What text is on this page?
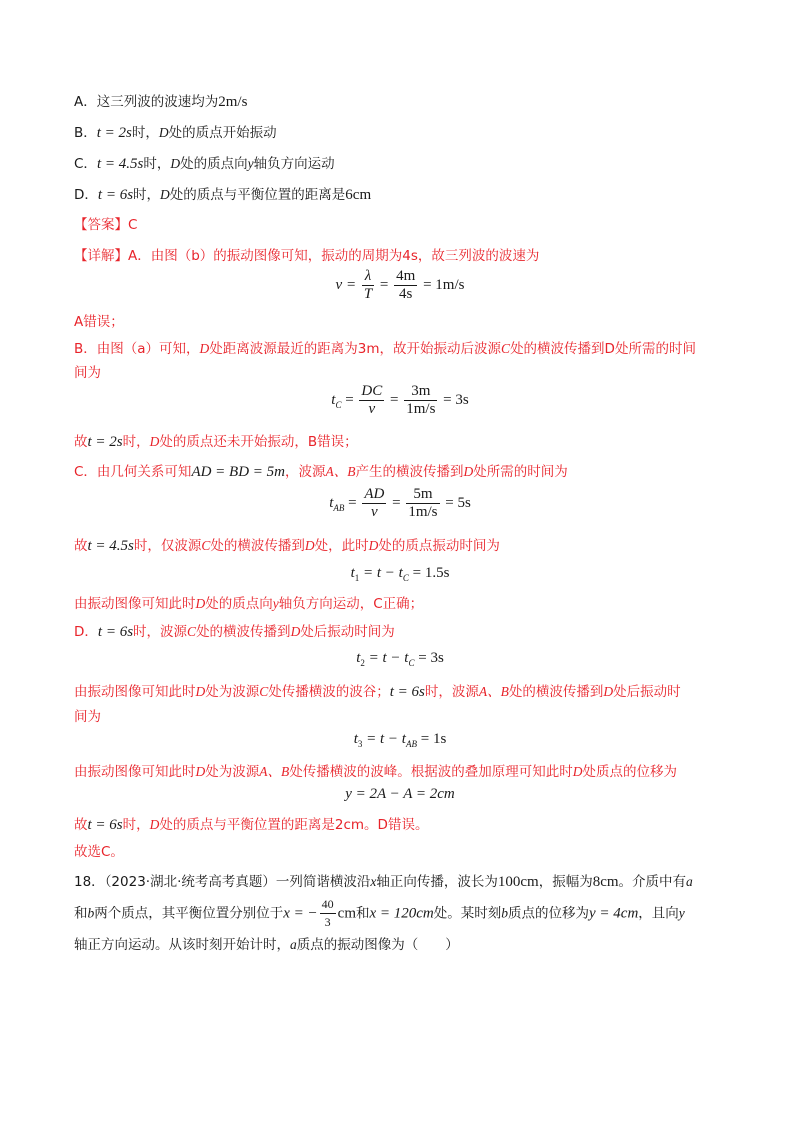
A．这三列波的波速均为2m/s
B．t = 2s时，D处的质点开始振动
C．t = 4.5s时，D处的质点向y轴负方向运动
D．t = 6s时，D处的质点与平衡位置的距离是6cm
【答案】C
【详解】A．由图（b）的振动图像可知，振动的周期为4s，故三列波的波速为
$v = \frac{\lambda}{T} = \frac{4m}{4s} = 1m/s$
A错误；
B．由图（a）可知，D处距离波源最近的距离为3m，故开始振动后波源C处的横波传播到D处所需的时间
间为
$t_C = \frac{DC}{v} = \frac{3m}{1m/s} = 3s$
故t = 2s时，D处的质点还未开始振动，B错误；
C．由几何关系可知AD = BD = 5m，波源A、B产生的横波传播到D处所需的时间为
$t_{AB} = \frac{AD}{v} = \frac{5m}{1m/s} = 5s$
故t = 4.5s时，仅波源C处的横波传播到D处，此时D处的质点振动时间为
$t_1 = t - t_C = 1.5s$
由振动图像可知此时D处的质点向y轴负方向运动，C正确；
D．t = 6s时，波源C处的横波传播到D处后振动时间为
$t_2 = t - t_C = 3s$
由振动图像可知此时D处为波源C处传播横波的波谷；t = 6s时，波源A、B处的横波传播到D处后振动时
间为
$t_3 = t - t_{AB} = 1s$
由振动图像可知此时D处为波源A、B处传播横波的波峰。根据波的叠加原理可知此时D处质点的位移为
y = 2A − A = 2cm
故t = 6s时，D处的质点与平衡位置的距离是2cm。D错误。
故选C。
18．（2023·湖北·统考高考真题）一列简谐横波沿x轴正向传播，波长为100cm，振幅为8cm。介质中有a
和b两个质点，其平衡位置分别位于x = − $\frac{40}{3}$ cm和x = 120cm处。某时刻b质点的位移为y = 4cm，且向y
轴正方向运动。从该时刻开始计时，a质点的振动图像为（　　）
